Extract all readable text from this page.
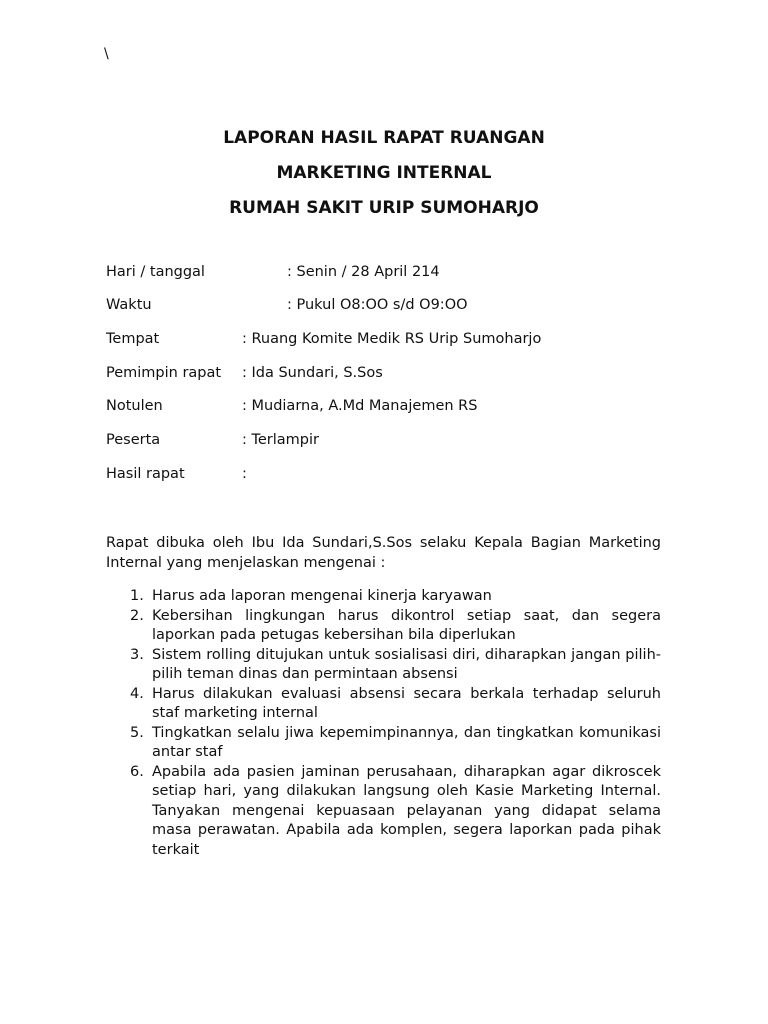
\
LAPORAN HASIL RAPAT RUANGAN
MARKETING INTERNAL
RUMAH SAKIT URIP SUMOHARJO
Hari / tanggal	: Senin / 28 April 214
Waktu	: Pukul O8:OO s/d O9:OO
Tempat	: Ruang Komite Medik RS Urip Sumoharjo
Pemimpin rapat : Ida Sundari, S.Sos
Notulen	: Mudiarna, A.Md Manajemen RS
Peserta	: Terlampir
Hasil rapat	:
Rapat dibuka oleh Ibu Ida Sundari,S.Sos selaku Kepala Bagian Marketing Internal yang menjelaskan mengenai :
1. Harus ada laporan mengenai kinerja karyawan
2. Kebersihan lingkungan harus dikontrol setiap saat, dan segera laporkan pada petugas kebersihan bila diperlukan
3. Sistem rolling ditujukan untuk sosialisasi diri, diharapkan jangan pilih-pilih teman dinas dan permintaan absensi
4. Harus dilakukan evaluasi absensi secara berkala terhadap seluruh staf marketing internal
5. Tingkatkan selalu jiwa kepemimpinannya, dan tingkatkan komunikasi antar staf
6. Apabila ada pasien jaminan perusahaan, diharapkan agar dikroscek setiap hari, yang dilakukan langsung oleh Kasie Marketing Internal. Tanyakan mengenai kepuasaan pelayanan yang didapat selama masa perawatan. Apabila ada komplen, segera laporkan pada pihak terkait
